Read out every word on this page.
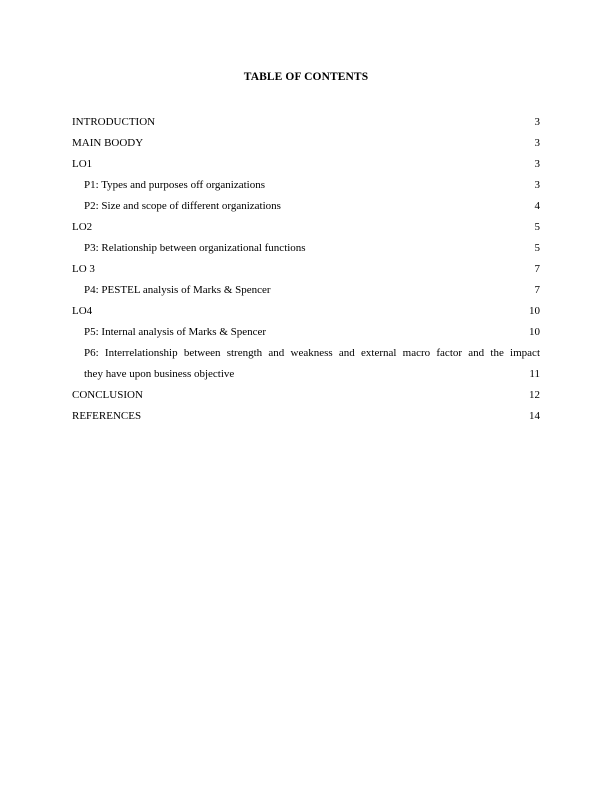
TABLE OF CONTENTS
INTRODUCTION	3
MAIN BOODY	3
LO1	3
P1: Types and purposes off organizations	3
P2: Size and scope of different organizations	4
LO2	5
P3: Relationship between organizational functions	5
LO 3	7
P4: PESTEL analysis of Marks & Spencer	7
LO4	10
P5: Internal analysis of Marks & Spencer	10
P6: Interrelationship between strength and weakness and external macro factor and the impact
they have upon business objective	11
CONCLUSION	12
REFERENCES	14
